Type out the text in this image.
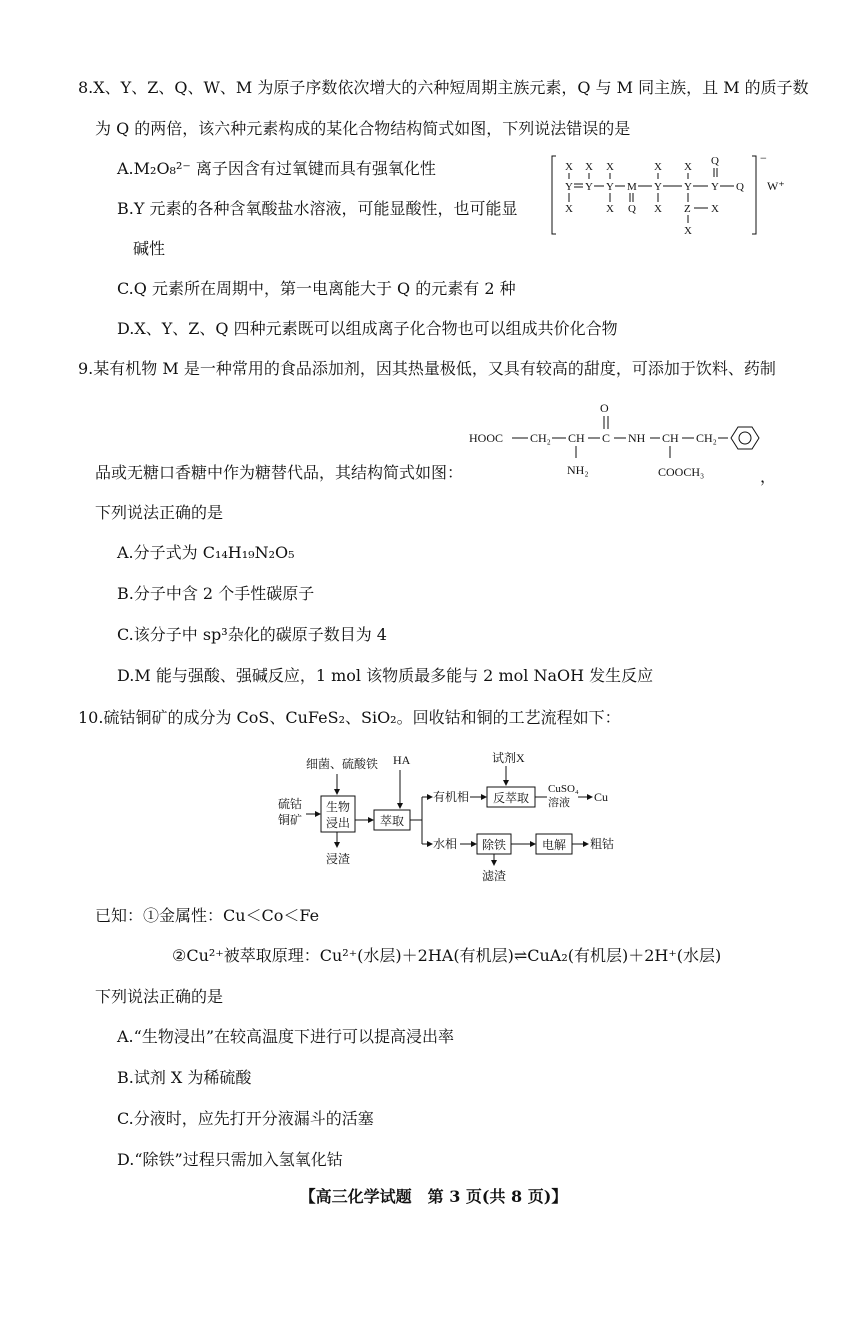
8.X、Y、Z、Q、W、M 为原子序数依次增大的六种短周期主族元素，Q 与 M 同主族，且 M 的质子数
为 Q 的两倍，该六种元素构成的某化合物结构简式如图，下列说法错误的是
A.M₂O₈²⁻ 离子因含有过氧键而具有强氧化性
B.Y 元素的各种含氧酸盐水溶液，可能显酸性，也可能显
碱性
C.Q 元素所在周期中，第一电离能大于 Q 的元素有 2 种
D.X、Y、Z、Q 四种元素既可以组成离子化合物也可以组成共价化合物
−
W⁺
X X X	X X Q
Y Y Y M Y Y Y Q
X	X Q X Z X
X
9.某有机物 M 是一种常用的食品添加剂，因其热量极低，又具有较高的甜度，可添加于饮料、药制
HOOC CH₂ CH C
O
NH CH CH₂
NH₂	COOCH₃
品或无糖口香糖中作为糖替代品，其结构简式如图：	，
下列说法正确的是
A.分子式为 C₁₄H₁₉N₂O₅
B.分子中含 2 个手性碳原子
C.该分子中 sp³杂化的碳原子数目为 4
D.M 能与强酸、强碱反应，1 mol 该物质最多能与 2 mol NaOH 发生反应
10.硫钴铜矿的成分为 CoS、CuFeS₂、SiO₂。回收钴和铜的工艺流程如下：
硫钴
铜矿
细菌、硫酸铁
生物
浸出
浸渣
HA
萃取
有机相
试剂X
反萃取
CuSO₄
溶液 Cu
水相 除铁
滤渣
电解 粗钴
已知：①金属性：Cu＜Co＜Fe
②Cu²⁺被萃取原理：Cu²⁺(水层)＋2HA(有机层)⇌CuA₂(有机层)＋2H⁺(水层)
下列说法正确的是
A.“生物浸出”在较高温度下进行可以提高浸出率
B.试剂 X 为稀硫酸
C.分液时，应先打开分液漏斗的活塞
D.“除铁”过程只需加入氢氧化钴
【高三化学试题　第 3 页(共 8 页)】
